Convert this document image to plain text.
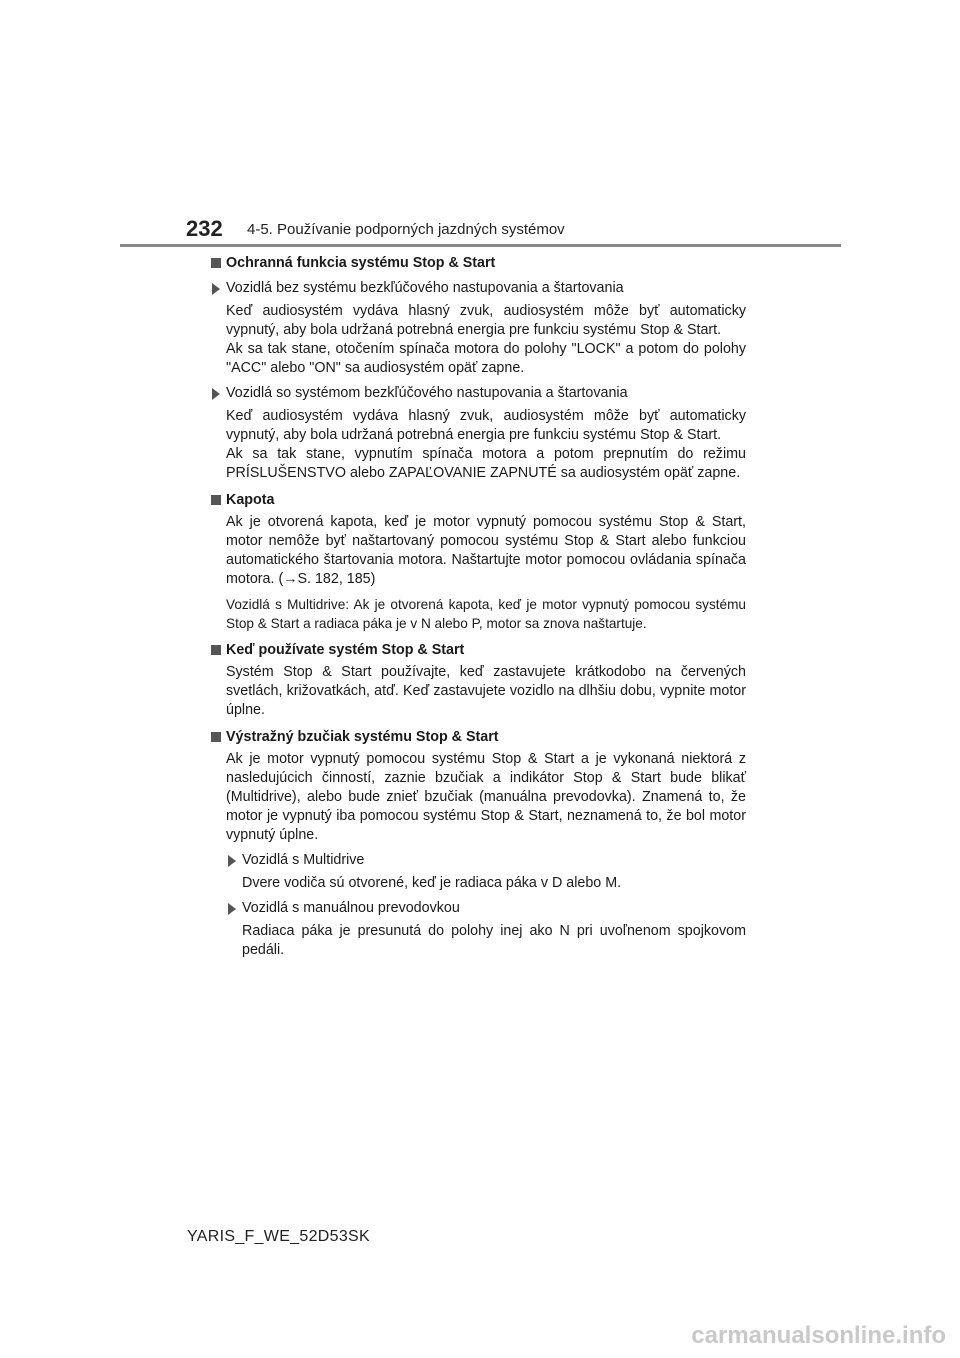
232 4-5. Používanie podporných jazdných systémov
Ochranná funkcia systému Stop & Start
Vozidlá bez systému bezkľúčového nastupovania a štartovania
Keď audiosystém vydáva hlasný zvuk, audiosystém môže byť automaticky vypnutý, aby bola udržaná potrebná energia pre funkciu systému Stop & Start.
Ak sa tak stane, otočením spínača motora do polohy "LOCK" a potom do polohy "ACC" alebo "ON" sa audiosystém opäť zapne.
Vozidlá so systémom bezkľúčového nastupovania a štartovania
Keď audiosystém vydáva hlasný zvuk, audiosystém môže byť automaticky vypnutý, aby bola udržaná potrebná energia pre funkciu systému Stop & Start.
Ak sa tak stane, vypnutím spínača motora a potom prepnutím do režimu PRÍSLUŠENSTVO alebo ZAPAĽOVANIE ZAPNUTÉ sa audiosystém opäť zapne.
Kapota
Ak je otvorená kapota, keď je motor vypnutý pomocou systému Stop & Start, motor nemôže byť naštartovaný pomocou systému Stop & Start alebo funkciou automatického štartovania motora. Naštartujte motor pomocou ovládania spínača motora. (→S. 182, 185)
Vozidlá s Multidrive: Ak je otvorená kapota, keď je motor vypnutý pomocou systému Stop & Start a radiaca páka je v N alebo P, motor sa znova naštartuje.
Keď používate systém Stop & Start
Systém Stop & Start používajte, keď zastavujete krátkodobo na červených svetlách, križovatkách, atď. Keď zastavujete vozidlo na dlhšiu dobu, vypnite motor úplne.
Výstražný bzučiak systému Stop & Start
Ak je motor vypnutý pomocou systému Stop & Start a je vykonaná niektorá z nasledujúcich činností, zaznie bzučiak a indikátor Stop & Start bude blikať (Multidrive), alebo bude znieť bzučiak (manuálna prevodovka). Znamená to, že motor je vypnutý iba pomocou systému Stop & Start, neznamená to, že bol motor vypnutý úplne.
Vozidlá s Multidrive
Dvere vodiča sú otvorené, keď je radiaca páka v D alebo M.
Vozidlá s manuálnou prevodovkou
Radiaca páka je presunutá do polohy inej ako N pri uvoľnenom spojkovom pedáli.
YARIS_F_WE_52D53SK
carmanualsonline.info
